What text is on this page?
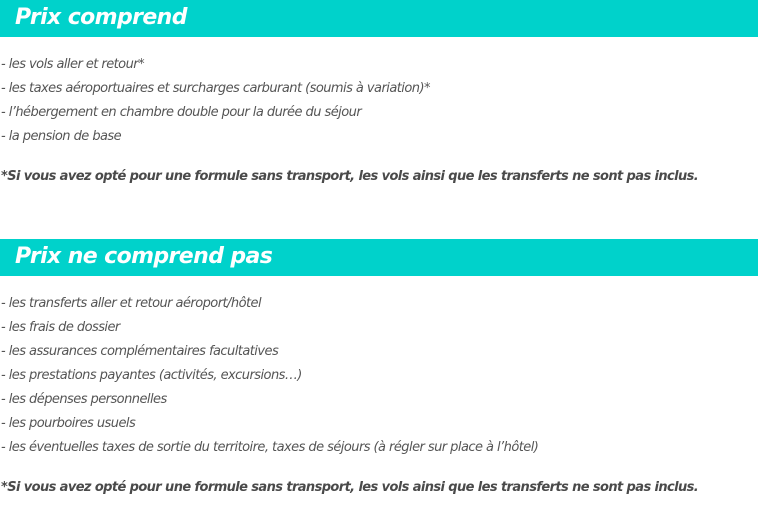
Prix comprend
- les vols aller et retour*
- les taxes aéroportuaires et surcharges carburant (soumis à variation)*
- l’hébergement en chambre double pour la durée du séjour
- la pension de base
*Si vous avez opté pour une formule sans transport, les vols ainsi que les transferts ne sont pas inclus.
Prix ne comprend pas
- les transferts aller et retour aéroport/hôtel
- les frais de dossier
- les assurances complémentaires facultatives
- les prestations payantes (activités, excursions…)
- les dépenses personnelles
- les pourboires usuels
- les éventuelles taxes de sortie du territoire, taxes de séjours (à régler sur place à l’hôtel)
*Si vous avez opté pour une formule sans transport, les vols ainsi que les transferts ne sont pas inclus.
